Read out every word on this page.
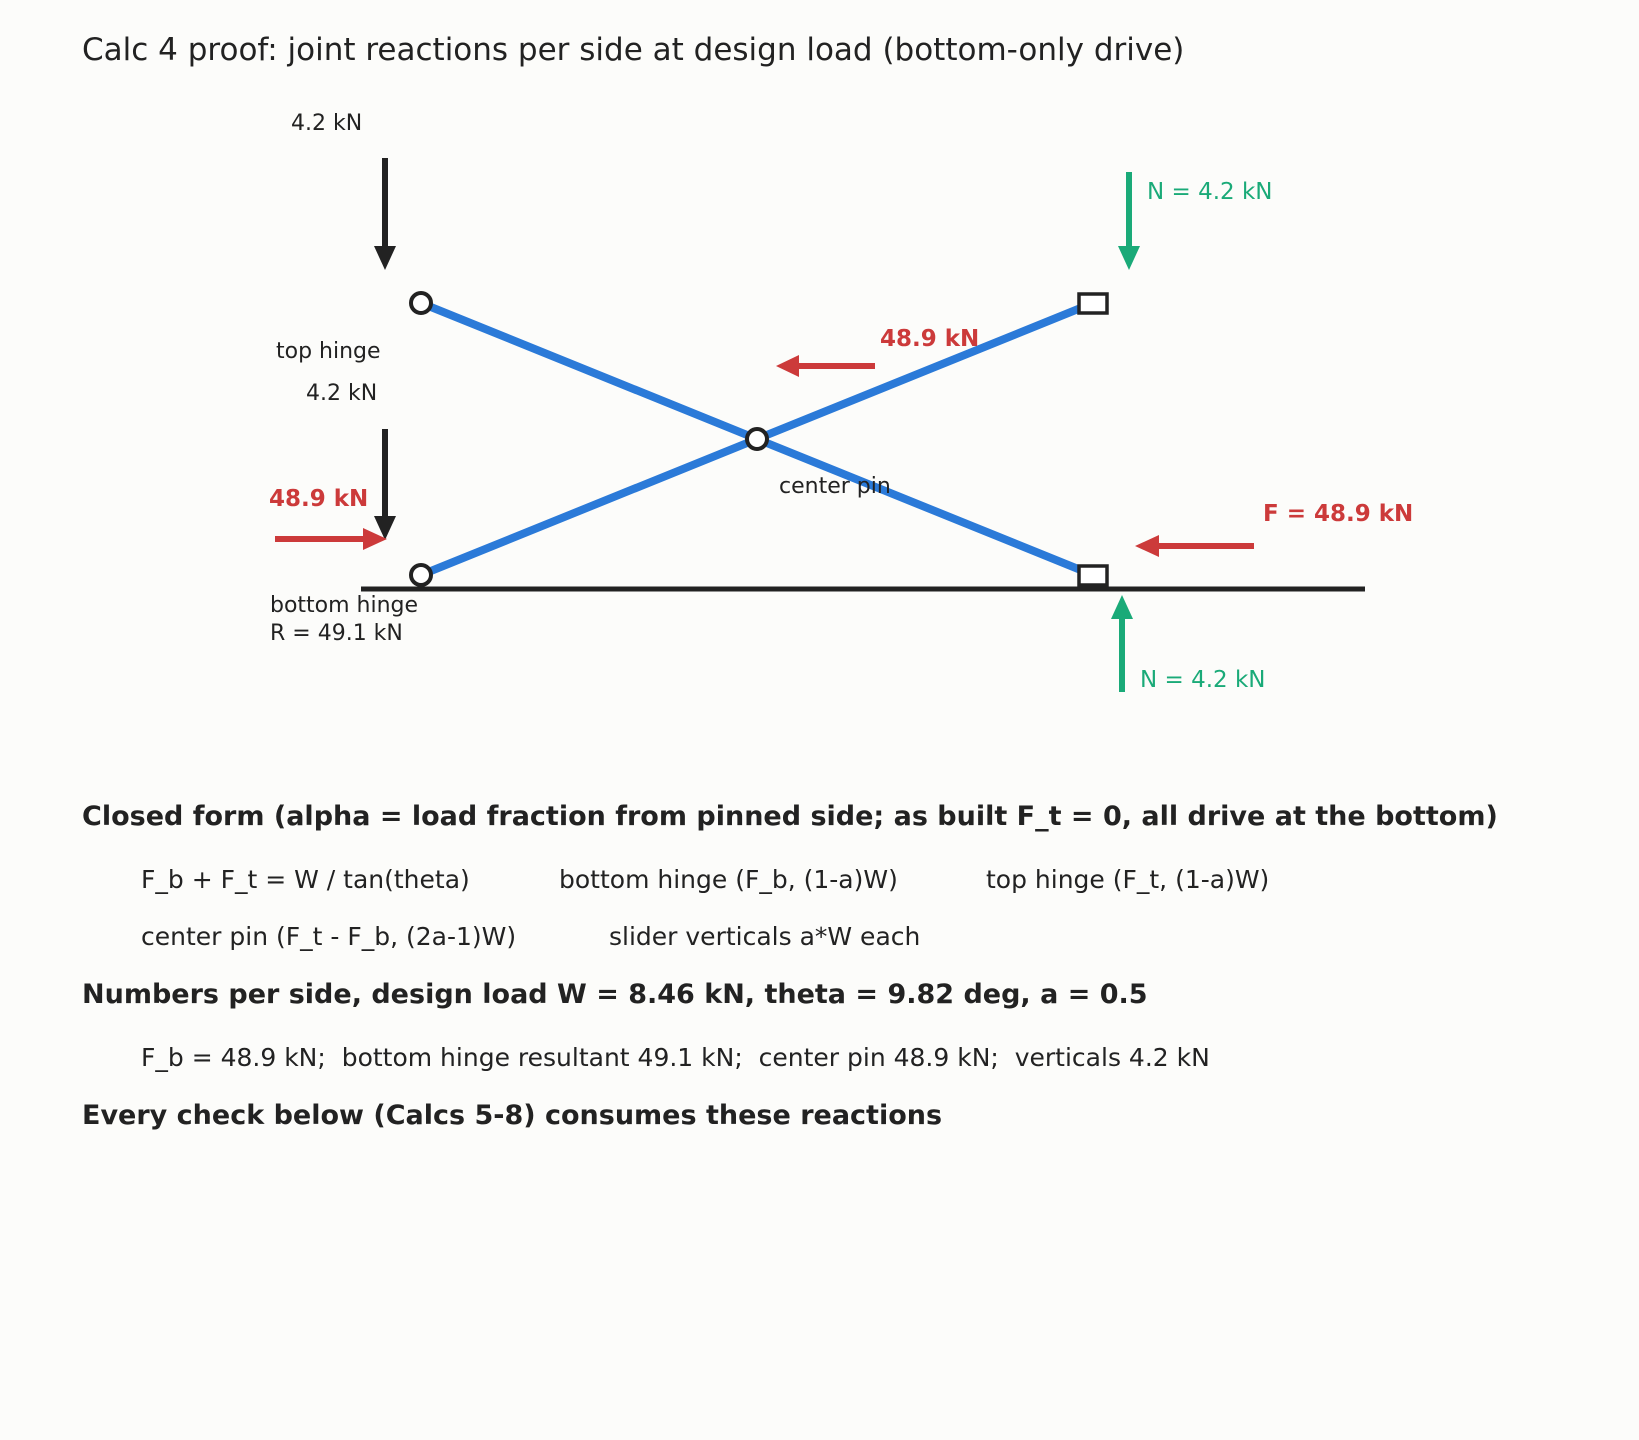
Calc 4 proof: joint reactions per side at design load (bottom-only drive)
4.2 kN
4.2 kN
top hinge
center pin
bottom hinge
R = 49.1 kN
48.9 kN
48.9 kN
F = 48.9 kN
N = 4.2 kN
N = 4.2 kN
Closed form (alpha = load fraction from pinned side; as built F_t = 0, all drive at the bottom)
F_b + F_t = W / tan(theta)	bottom hinge (F_b, (1-a)W)	top hinge (F_t, (1-a)W)
center pin (F_t - F_b, (2a-1)W)	slider verticals a*W each
Numbers per side, design load W = 8.46 kN, theta = 9.82 deg, a = 0.5
F_b = 48.9 kN;  bottom hinge resultant 49.1 kN;  center pin 48.9 kN;  verticals 4.2 kN
Every check below (Calcs 5-8) consumes these reactions
